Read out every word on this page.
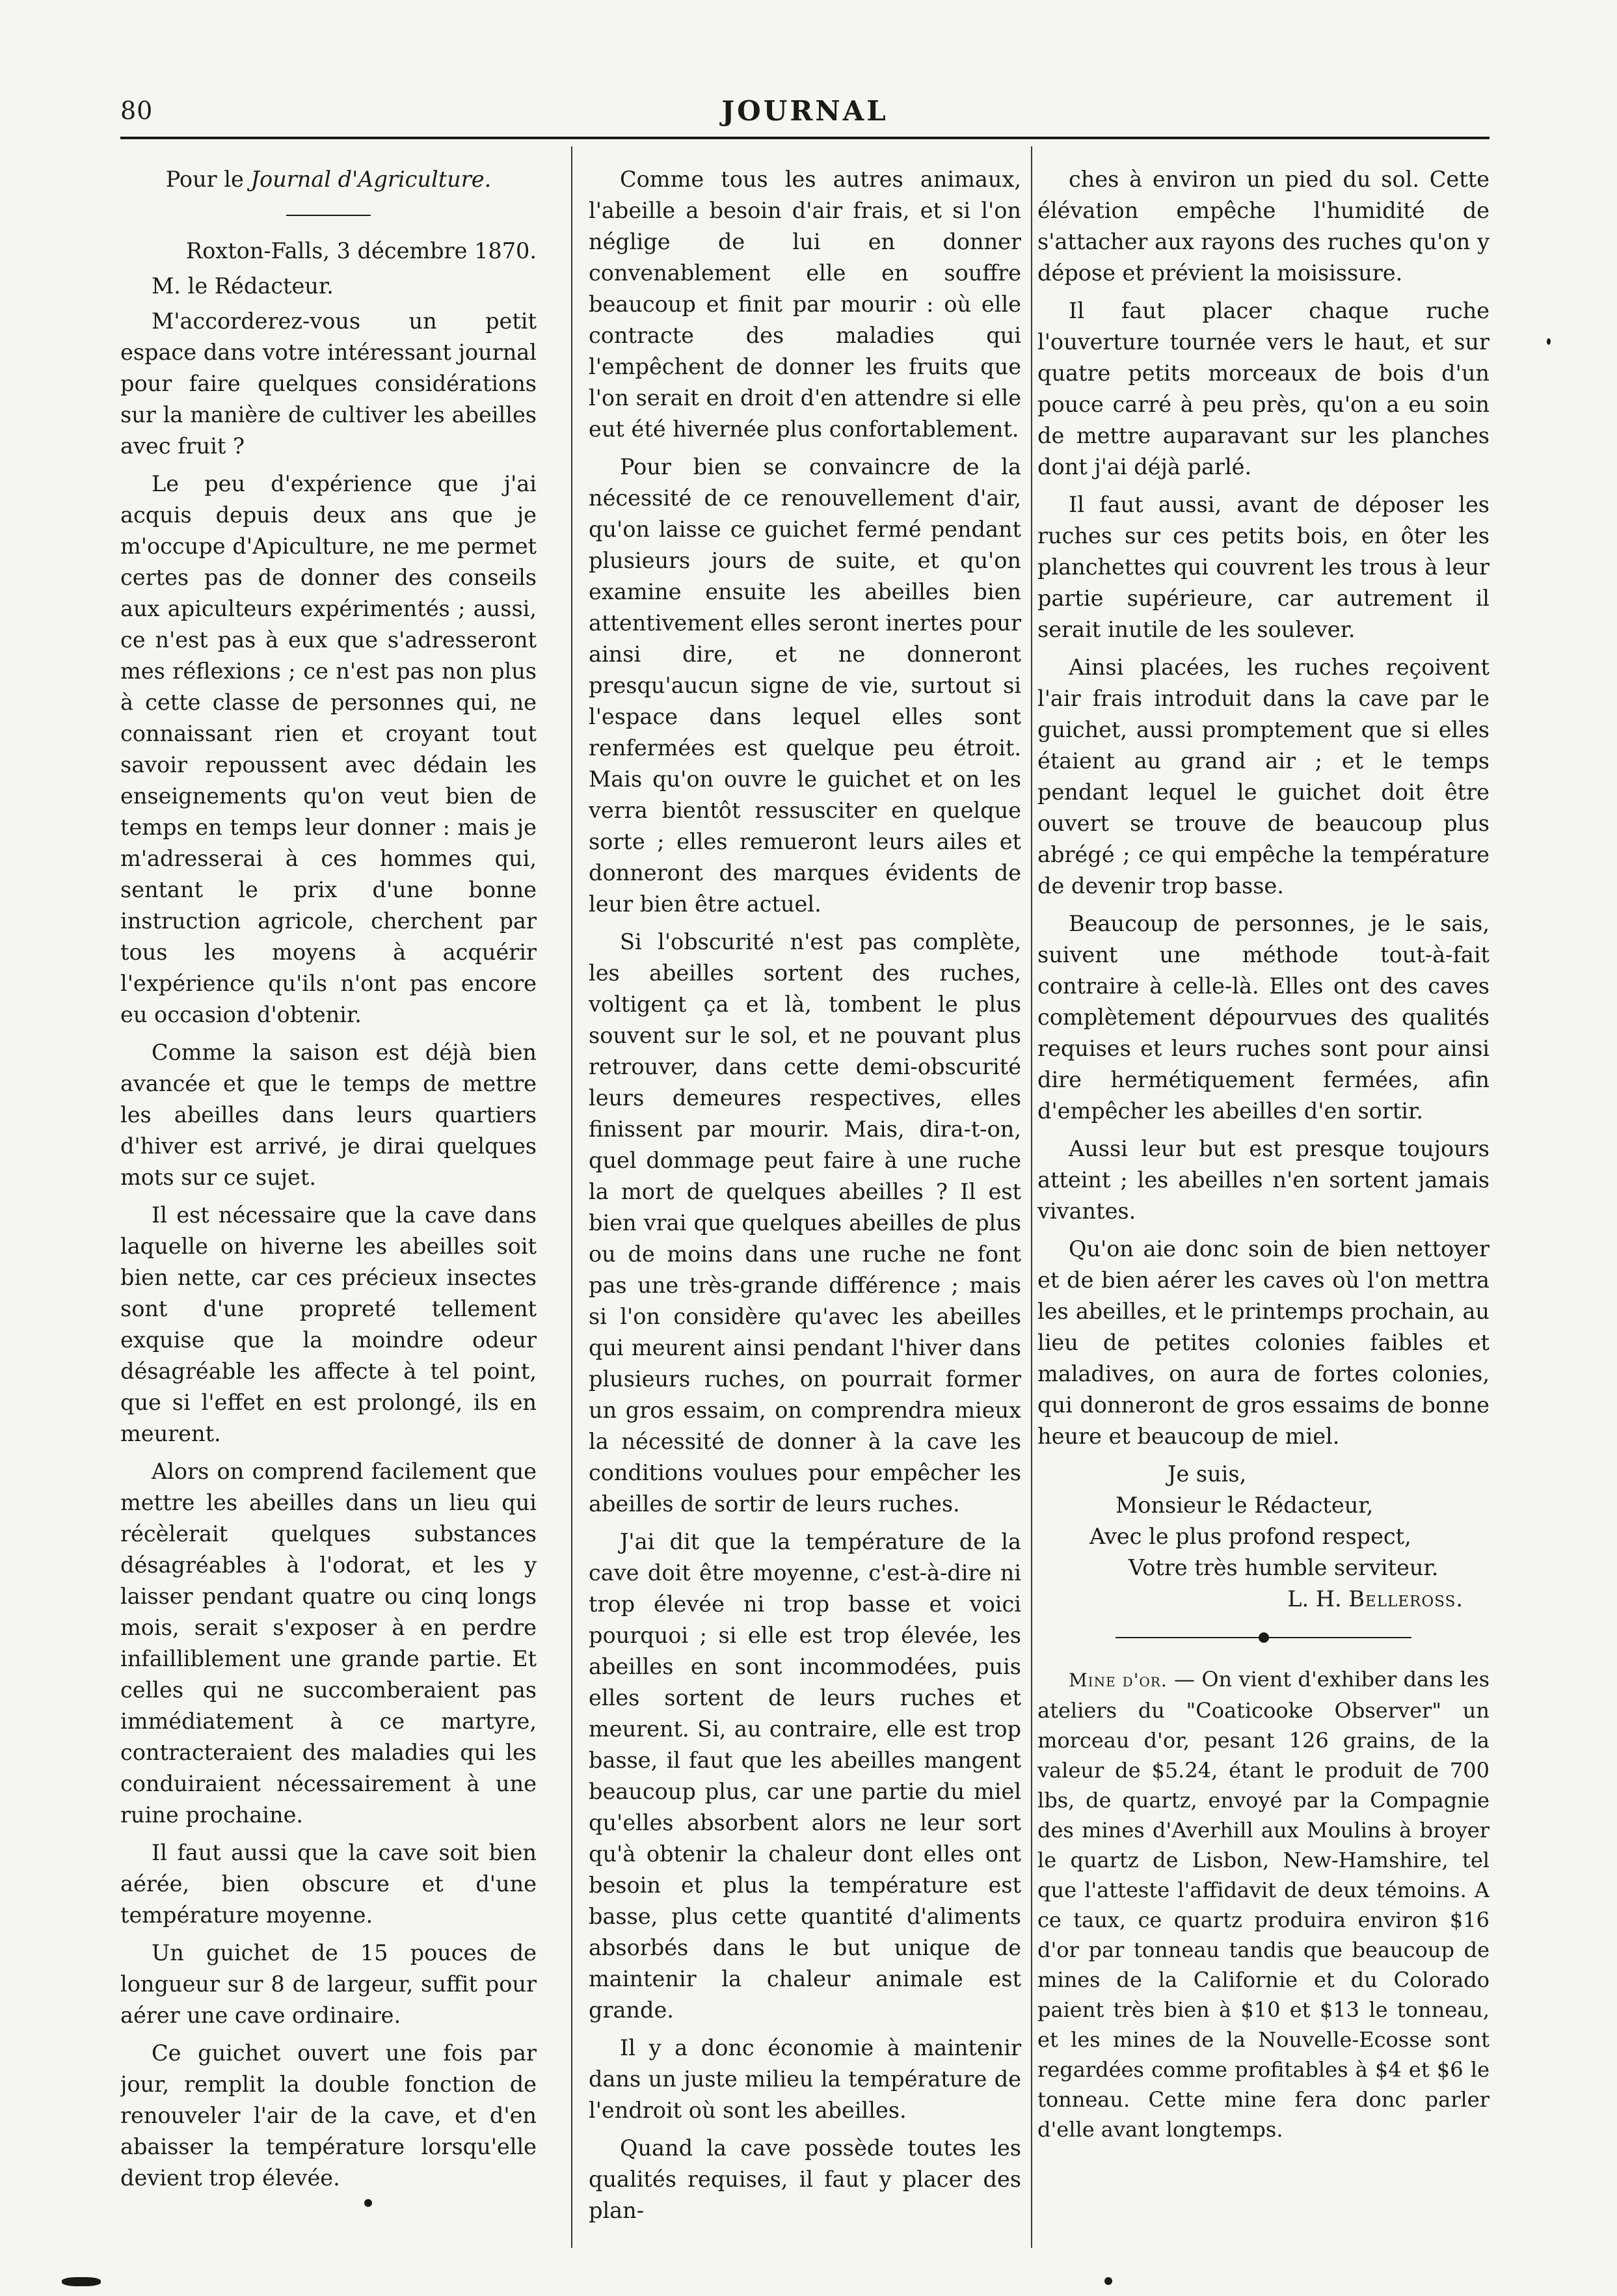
80	JOURNAL

Pour le Journal d'Agriculture.

Roxton-Falls, 3 décembre 1870.

M. le Rédacteur.

M'accorderez-vous un petit espace dans votre intéressant journal pour faire quelques considérations sur la manière de cultiver les abeilles avec fruit ?

Le peu d'expérience que j'ai acquis depuis deux ans que je m'occupe d'Apiculture, ne me permet certes pas de donner des conseils aux apiculteurs expérimentés ; aussi, ce n'est pas à eux que s'adresseront mes réflexions ; ce n'est pas non plus à cette classe de personnes qui, ne connaissant rien et croyant tout savoir repoussent avec dédain les enseignements qu'on veut bien de temps en temps leur donner : mais je m'adresserai à ces hommes qui, sentant le prix d'une bonne instruction agricole, cherchent par tous les moyens à acquérir l'expérience qu'ils n'ont pas encore eu occasion d'obtenir.

Comme la saison est déjà bien avancée et que le temps de mettre les abeilles dans leurs quartiers d'hiver est arrivé, je dirai quelques mots sur ce sujet.

Il est nécessaire que la cave dans laquelle on hiverne les abeilles soit bien nette, car ces précieux insectes sont d'une propreté tellement exquise que la moindre odeur désagréable les affecte à tel point, que si l'effet en est prolongé, ils en meurent.

Alors on comprend facilement que mettre les abeilles dans un lieu qui récèlerait quelques substances désagréables à l'odorat, et les y laisser pendant quatre ou cinq longs mois, serait s'exposer à en perdre infailliblement une grande partie. Et celles qui ne succomberaient pas immédiatement à ce martyre, contracteraient des maladies qui les conduiraient nécessairement à une ruine prochaine.

Il faut aussi que la cave soit bien aérée, bien obscure et d'une température moyenne.

Un guichet de 15 pouces de longueur sur 8 de largeur, suffit pour aérer une cave ordinaire.

Ce guichet ouvert une fois par jour, remplit la double fonction de renouveler l'air de la cave, et d'en abaisser la température lorsqu'elle devient trop élevée.

Comme tous les autres animaux, l'abeille a besoin d'air frais, et si l'on néglige de lui en donner convenablement elle en souffre beaucoup et finit par mourir : où elle contracte des maladies qui l'empêchent de donner les fruits que l'on serait en droit d'en attendre si elle eut été hivernée plus confortablement.

Pour bien se convaincre de la nécessité de ce renouvellement d'air, qu'on laisse ce guichet fermé pendant plusieurs jours de suite, et qu'on examine ensuite les abeilles bien attentivement elles seront inertes pour ainsi dire, et ne donneront presqu'aucun signe de vie, surtout si l'espace dans lequel elles sont renfermées est quelque peu étroit. Mais qu'on ouvre le guichet et on les verra bientôt ressusciter en quelque sorte ; elles remueront leurs ailes et donneront des marques évidents de leur bien être actuel.

Si l'obscurité n'est pas complète, les abeilles sortent des ruches, voltigent ça et là, tombent le plus souvent sur le sol, et ne pouvant plus retrouver, dans cette demi-obscurité leurs demeures respectives, elles finissent par mourir. Mais, dira-t-on, quel dommage peut faire à une ruche la mort de quelques abeilles ? Il est bien vrai que quelques abeilles de plus ou de moins dans une ruche ne font pas une très-grande différence ; mais si l'on considère qu'avec les abeilles qui meurent ainsi pendant l'hiver dans plusieurs ruches, on pourrait former un gros essaim, on comprendra mieux la nécessité de donner à la cave les conditions voulues pour empêcher les abeilles de sortir de leurs ruches.

J'ai dit que la température de la cave doit être moyenne, c'est-à-dire ni trop élevée ni trop basse et voici pourquoi ; si elle est trop élevée, les abeilles en sont incommodées, puis elles sortent de leurs ruches et meurent. Si, au contraire, elle est trop basse, il faut que les abeilles mangent beaucoup plus, car une partie du miel qu'elles absorbent alors ne leur sort qu'à obtenir la chaleur dont elles ont besoin et plus la température est basse, plus cette quantité d'aliments absorbés dans le but unique de maintenir la chaleur animale est grande.

Il y a donc économie à maintenir dans un juste milieu la température de l'endroit où sont les abeilles.

Quand la cave possède toutes les qualités requises, il faut y placer des plan-

ches à environ un pied du sol. Cette élévation empêche l'humidité de s'attacher aux rayons des ruches qu'on y dépose et prévient la moisissure.

Il faut placer chaque ruche l'ouverture tournée vers le haut, et sur quatre petits morceaux de bois d'un pouce carré à peu près, qu'on a eu soin de mettre auparavant sur les planches dont j'ai déjà parlé.

Il faut aussi, avant de déposer les ruches sur ces petits bois, en ôter les planchettes qui couvrent les trous à leur partie supérieure, car autrement il serait inutile de les soulever.

Ainsi placées, les ruches reçoivent l'air frais introduit dans la cave par le guichet, aussi promptement que si elles étaient au grand air ; et le temps pendant lequel le guichet doit être ouvert se trouve de beaucoup plus abrégé ; ce qui empêche la température de devenir trop basse.

Beaucoup de personnes, je le sais, suivent une méthode tout-à-fait contraire à celle-là. Elles ont des caves complètement dépourvues des qualités requises et leurs ruches sont pour ainsi dire hermétiquement fermées, afin d'empêcher les abeilles d'en sortir.

Aussi leur but est presque toujours atteint ; les abeilles n'en sortent jamais vivantes.

Qu'on aie donc soin de bien nettoyer et de bien aérer les caves où l'on mettra les abeilles, et le printemps prochain, au lieu de petites colonies faibles et maladives, on aura de fortes colonies, qui donneront de gros essaims de bonne heure et beaucoup de miel.

Je suis,

Monsieur le Rédacteur,

Avec le plus profond respect,

Votre très humble serviteur.

L. H. Belleross.

Mine d'or. — On vient d'exhiber dans les ateliers du "Coaticooke Observer" un morceau d'or, pesant 126 grains, de la valeur de $5.24, étant le produit de 700 lbs, de quartz, envoyé par la Compagnie des mines d'Averhill aux Moulins à broyer le quartz de Lisbon, New-Hamshire, tel que l'atteste l'affidavit de deux témoins. A ce taux, ce quartz produira environ $16 d'or par tonneau tandis que beaucoup de mines de la Californie et du Colorado paient très bien à $10 et $13 le tonneau, et les mines de la Nouvelle-Ecosse sont regardées comme profitables à $4 et $6 le tonneau. Cette mine fera donc parler d'elle avant longtemps.
